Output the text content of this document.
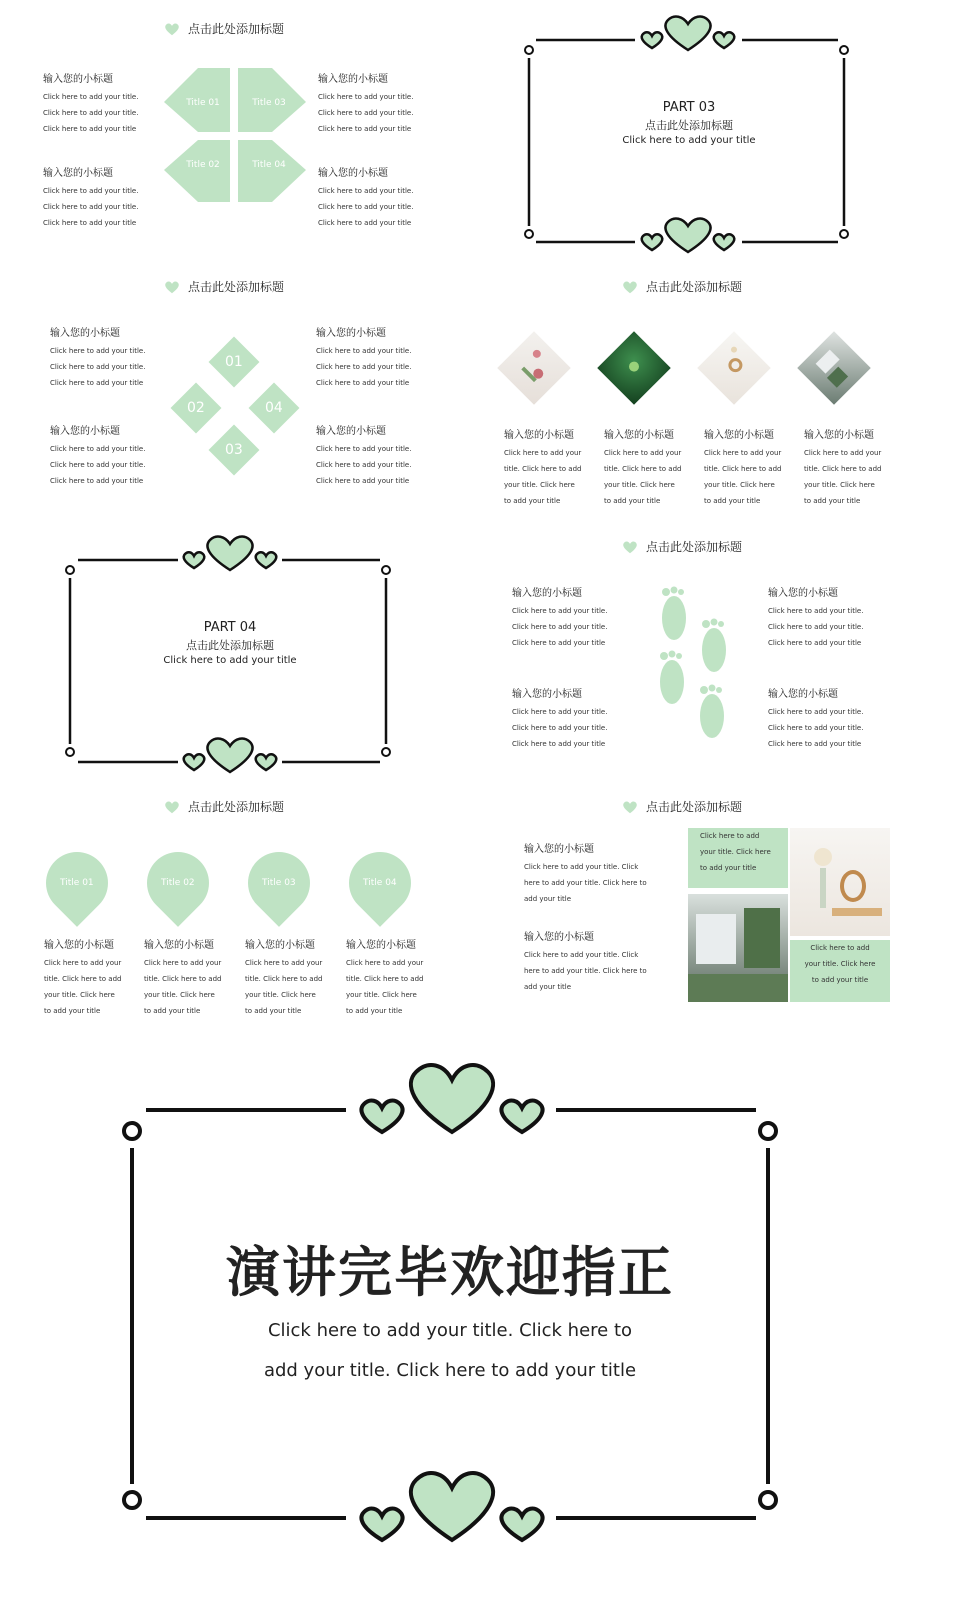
点击此处添加标题
输入您的小标题
Click here to add your title. Click here to add your title. Click here to add your title
输入您的小标题
Click here to add your title. Click here to add your title. Click here to add your title
输入您的小标题
Click here to add your title. Click here to add your title. Click here to add your title
输入您的小标题
Click here to add your title. Click here to add your title. Click here to add your title
Title 01	Title 03
Title 02	Title 04
PART 03
点击此处添加标题
Click here to add your title
点击此处添加标题
输入您的小标题
Click here to add your title. Click here to add your title. Click here to add your title
输入您的小标题
Click here to add your title. Click here to add your title. Click here to add your title
输入您的小标题
Click here to add your title. Click here to add your title. Click here to add your title
输入您的小标题
Click here to add your title. Click here to add your title. Click here to add your title
01
02	04
03
点击此处添加标题
输入您的小标题
Click here to add your title. Click here to add your title. Click here to add your title
输入您的小标题
Click here to add your title. Click here to add your title. Click here to add your title
输入您的小标题
Click here to add your title. Click here to add your title. Click here to add your title
输入您的小标题
Click here to add your title. Click here to add your title. Click here to add your title
PART 04
点击此处添加标题
Click here to add your title
点击此处添加标题
输入您的小标题
Click here to add your title. Click here to add your title. Click here to add your title
输入您的小标题
Click here to add your title. Click here to add your title. Click here to add your title
输入您的小标题
Click here to add your title. Click here to add your title. Click here to add your title
输入您的小标题
Click here to add your title. Click here to add your title. Click here to add your title
点击此处添加标题
Title 01	Title 02	Title 03	Title 04
输入您的小标题
Click here to add your title. Click here to add your title. Click here to add your title
输入您的小标题
Click here to add your title. Click here to add your title. Click here to add your title
输入您的小标题
Click here to add your title. Click here to add your title. Click here to add your title
输入您的小标题
Click here to add your title. Click here to add your title. Click here to add your title
点击此处添加标题
输入您的小标题
Click here to add your title. Click here to add your title. Click here to add your title
输入您的小标题
Click here to add your title. Click here to add your title. Click here to add your title
Click here to add your title. Click here to add your title
Click here to add your title. Click here to add your title
演讲完毕欢迎指正
Click here to add your title. Click here to
add your title. Click here to add your title
